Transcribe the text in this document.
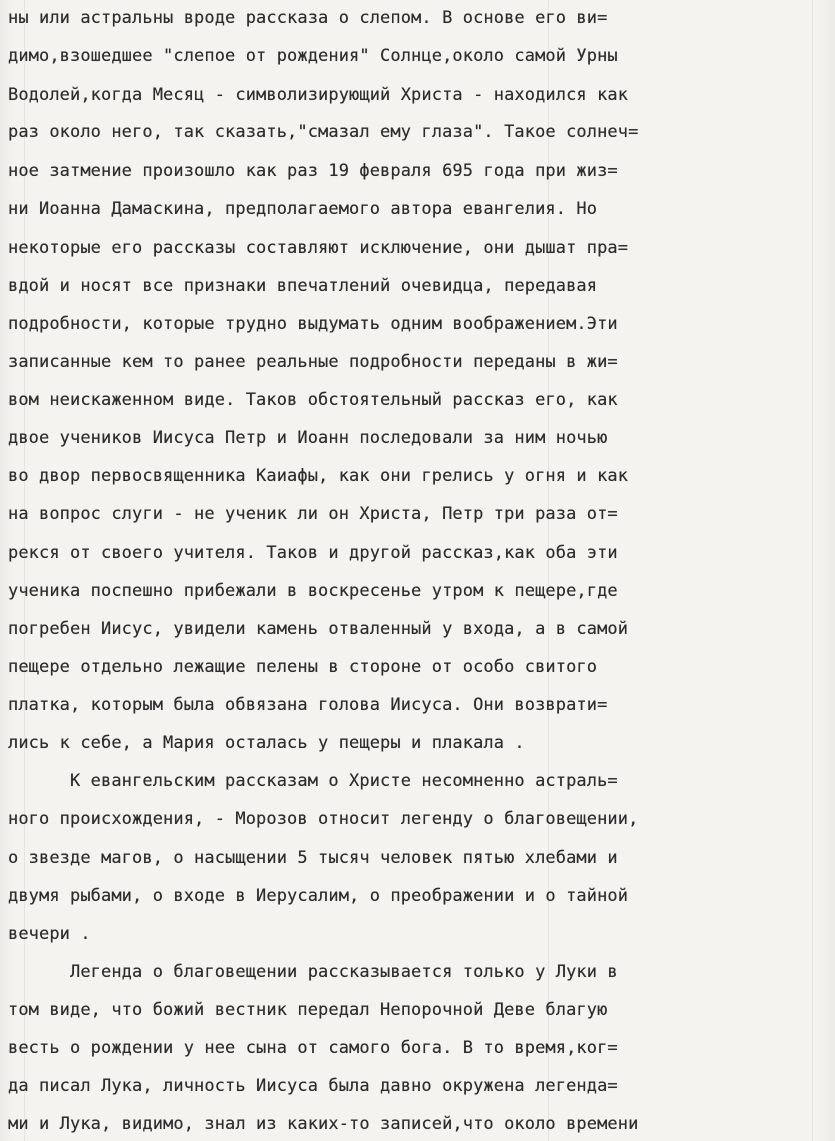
ны или астральны вроде рассказа о слепом. В основе его ви=
димо,взошедшее "слепое от рождения" Солнце,около самой Урны
Водолей,когда Месяц - символизирующий Христа - находился как
раз около него, так сказать,"смазал ему глаза". Такое солнеч=
ное затмение произошло как раз 19 февраля 695 года при жиз=
ни Иоанна Дамаскина, предполагаемого автора евангелия. Но
некоторые его рассказы составляют исключение, они дышат пра=
вдой и носят все признаки впечатлений очевидца, передавая
подробности, которые трудно выдумать одним воображением.Эти
записанные кем то ранее реальные подробности переданы в жи=
вом неискаженном виде. Таков обстоятельный рассказ его, как
двое учеников Иисуса Петр и Иоанн последовали за ним ночью
во двор первосвященника Каиафы, как они грелись у огня и как
на вопрос слуги - не ученик ли он Христа, Петр три раза от=
рекся от своего учителя. Таков и другой рассказ,как оба эти
ученика поспешно прибежали в воскресенье утром к пещере,где
погребен Иисус, увидели камень отваленный у входа, а в самой
пещере отдельно лежащие пелены в стороне от особо свитого
платка, которым была обвязана голова Иисуса. Они возврати=
лись к себе, а Мария осталась у пещеры и плакала .
К евангельским рассказам о Христе несомненно астраль=
ного происхождения, - Морозов относит легенду о благовещении,
о звезде магов, о насыщении 5 тысяч человек пятью хлебами и
двумя рыбами, о входе в Иерусалим, о преображении и о тайной
вечери .
Легенда о благовещении рассказывается только у Луки в
том виде, что божий вестник передал Непорочной Деве благую
весть о рождении у нее сына от самого бога. В то время,ког=
да писал Лука, личность Иисуса была давно окружена легенда=
ми и Лука, видимо, знал из каких-то записей,что около времени
